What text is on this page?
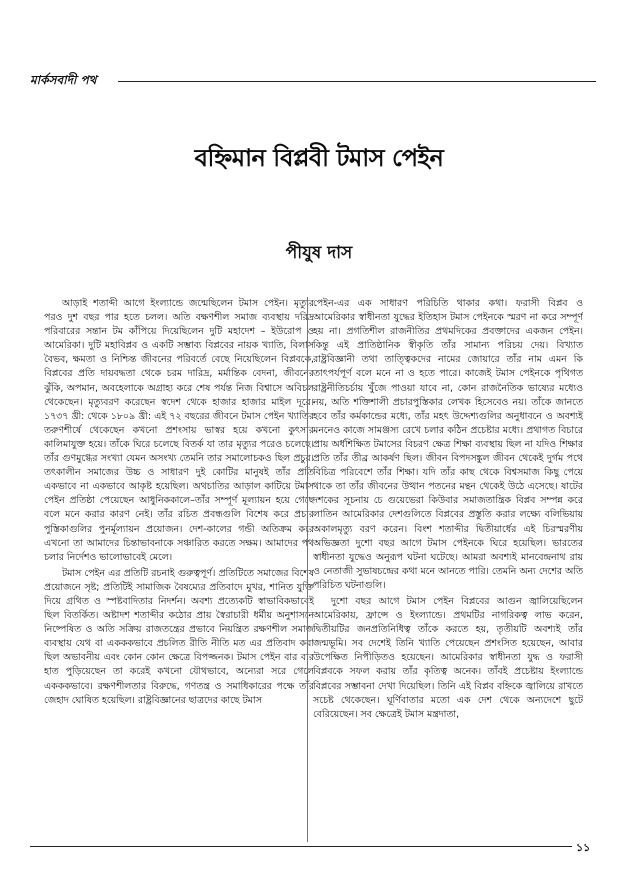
মার্কসবাদী পথ
বহ্নিমান বিপ্লবী টমাস পেইন
পীযুষ দাস

আড়াই শতাব্দী আগে ইংল্যান্ডে জন্মেছিলেন টমাস পেইন। মৃত্যুর পরও দুশ বছর পার হতে চলল। অতি বক্ষণশীল সমাজ ব্যবস্থায় দরিদ্র পরিবারের সন্তান টম কাঁপিয়ে দিয়েছিলেন দুটি মহাদেশ – ইউরোপ ও আমেরিকা। দুটি মহাবিপ্লব ও একটি সম্ভাব্য বিপ্লবের নায়ক খ্যাতি, বিলাস বৈভব, ক্ষমতা ও নিশ্চিন্ত জীবনের পরিবর্তে বেছে নিয়েছিলেন বিপ্লবকে, বিপ্লবের প্রতি দায়বদ্ধতা থেকে চরম দারিদ্র, মর্মান্তিক বেদনা, জীবনের ঝুঁকি, অপমান, অবহেলাকে অগ্রাহ্য করে শেষ পর্যন্ত নিজ বিশ্বাসে অবিচল থেকেছেন। মৃত্যুবরণ করেছেন স্বদেশ থেকে হাজার হাজার মাইল দূরে। ১৭৩৭ খ্রী: থেকে ১৮০৯ খ্রী: এই ৭২ বছরের জীবনে টমাস পেইন খ্যাতির তরুণশীর্ষে থেকেছেন কখনো প্রশংসায় ভাস্বর হয়ে কখনো কুৎসার কালিমাযুক্ত হয়ে। তাঁকে ঘিরে চলেছে বিতর্ক যা তার মৃত্যুর পরেও চলেছে। তাঁর গুণমুগ্ধের সংখ্যা যেমন অসংখ্য তেমনি তার সমালোচকও ছিল প্রচুর। তৎকালীন সমাজের উচ্চ ও সাধারণ দুই কোটির মানুষই তাঁর প্রতি একভাবে না একভাবে আকৃষ্ট হয়েছিল। অথচাতির আড়াল কাটিয়ে টমাস পেইন প্রতিষ্ঠা পেয়েছেন আধুনিককালে–তাঁর সম্পূর্ণ মূল্যায়ন হয়ে গেছে বলে মনে করার কারণ নেই। তাঁর রচিত প্রবন্ধগুলি বিশেষ করে প্রচার পুস্তিকাগুলির পুনর্মূল্যায়ন প্রয়োজন। দেশ-কালের গন্ডী অতিক্রম করে এখনো তা আমাদের চিন্তাভাবনাকে সঞ্চারিত করতে সক্ষম। আমাদের পথ চলার নির্দেশও ভালোভাবেই মেলে।

টমাস পেইন এর প্রতিটি রচনাই গুরুত্বপূর্ণ। প্রতিটিতে সমাজের বিশেষ প্রয়োজনে সৃষ্ট; প্রতিটিই সামাজিক বৈষম্যের প্রতিবাদে মুখর, শানিত যুক্তি দিয়ে গ্রথিত ও স্পষ্টবাদিতার নিদর্শন। অবশ্য প্রত্যেকটি স্বাভাবিকভাবেই ছিল বিতর্কিত। অষ্টাদশ শতাব্দীর কঠোর প্রায় স্বৈরাচারী ধর্মীয় অনুশাসনে নিষ্পেষিত ও অতি সক্রিয় রাজতন্ত্রের প্রভাবে নিয়ন্ত্রিত রক্ষণশীল সমাজ ব্যবস্থায় যেথ বা একককভাবে প্রচলিত রীতি নীতি মত এর প্রতিবাদ করা ছিল অভাবনীয় এবং কোন কোন ক্ষেত্রে বিপজ্জনক। টমাস পেইন বার বার হাত পুড়িয়েছেন তা করেই কখনো যৌথভাবে, অন্যেরা সরে গেলে একককভাবে। রক্ষণশীলতার বিরুদ্ধে, গণতন্ত্র ও সমাধিকারের পক্ষে তাঁর জেহাদ ঘোষিত হয়েছিল। রাষ্ট্রবিজ্ঞানের ছাত্রদের কাছে টমাস

পেইন-এর এক সাধারণ পরিচিতি থাকার কথা। ফরাসী বিপ্লব ও আমেরিকার স্বাধীনতা যুদ্ধের ইতিহাস টমাস পেইনকে স্মরণ না করে সম্পূর্ণ হয় না। প্রগতিশীল রাজনীতির প্রথমদিকের প্রবক্তাদের একজন পেইন। কিন্তু এই প্রাতিষ্ঠানিক স্বীকৃতি তাঁর সামান্য পরিচয় দেয়। বিখ্যাত রাষ্ট্রবিজ্ঞানী তথা তাত্ত্বিকদের নামের জোয়ারে তাঁর নাম এমন কি তাৎপর্যপূর্ণ বলে মনে না ও হতে পারে। কাজেই টমাস পেইনকে পৃথিগত রাষ্ট্রনীতিচর্চায় খুঁজে পাওয়া যাবে না, কোন রাজনৈতিক ভাষ্যের মধ্যেও নয়, অতি শক্তিশালী প্রচারপুস্তিকার লেখক হিসেবেও নয়। তাঁকে জানতে হবে তাঁর কর্মকান্ডের মধ্যে, তাঁর মহৎ উদ্দেশ্যগুলির অনুধাবনে ও অবশ্যই মননেও কাজে সামঞ্জস্য রেখে চলার কঠিন প্রচেষ্টার মধ্যে। প্রথাগত বিচারে প্রায় অর্ধশিক্ষিত টমাসের বিচরণ ক্ষেত্র শিক্ষা ব্যবস্থায় ছিল না যদিও শিক্ষার প্রতি তাঁর তীব্র আকর্ষণ ছিল। জীবন বিপদসঙ্কুল জীবন থেকেই দুর্গম পথে বিচিত্র পরিবেশে তাঁর শিক্ষা। যদি তাঁর কাছ থেকে বিশ্বসমাজ কিছু পেয়ে থাকে তা তাঁর জীবনের উত্থান পতনের মন্থন থেকেই উঠে এসেছে। ষাটের দশকের সূচনায় চে গুয়েভেরা কিউবার সমাজতান্ত্রিক বিপ্লব সম্পন্ন করে লাতিন আমেরিকার দেশগুলিতে বিপ্লবের প্রস্তুতি করার লক্ষ্যে বলিভিয়ায় অকালমৃত্যু বরণ করেন। বিংশ শতাব্দীর দ্বিতীয়ার্ধের এই চিরস্মরণীয় অভিজ্ঞতা দুশো বছর আগে টমাস পেইনকে ঘিরে হয়েছিল। ভারতের স্বাধীনতা যুদ্ধেও অনুরূপ ঘটনা ঘটেছে। আমরা অবশ্যই মানবেন্দ্রনাথ রায় ও নেতাজী সুভাষচন্দ্রের কথা মনে আনতে পারি। তেমনি অন্য দেশের অতি পরিচিত ঘটনাগুলি।

দুশো বছর আগে টমাস পেইন বিপ্লবের আগুন জ্বালিয়েছিলেন আমেরিকায়, ফ্রান্সে ও ইংল্যান্ডে। প্রথমটির নাগরিকত্ব লাভ করেন, দ্বিতীয়টির জনপ্রতিনিধিত্ব তাঁকে করতে হয়, তৃতীয়টি অবশ্যই তাঁর জন্মভূমি। সব দেশেই তিনি খ্যাতি পেয়েছেন প্রশংসিত হয়েছেন, আবার উপেক্ষিত নিপীড়িতও হয়েছেন। আমেরিকার স্বাধীনতা যুদ্ধ ও ফরাসী বিপ্লবকে সফল করায় তাঁর কৃতিত্ব অনেক। তাঁবই প্রচেষ্টায় ইংল্যান্ডে বিপ্লবের সম্ভাবনা দেখা দিয়েছিল। তিনি এই বিপ্লব বহ্নিকে জ্বালিয়ে রাখতে সচেষ্ট থেকেছেন। ঘূর্ণিবাতার মতো এক দেশ থেকে অন্যদেশে ছুটে বেরিয়েছেন। সব ক্ষেত্রেই টমাস মন্ত্রদাতা,

১১
